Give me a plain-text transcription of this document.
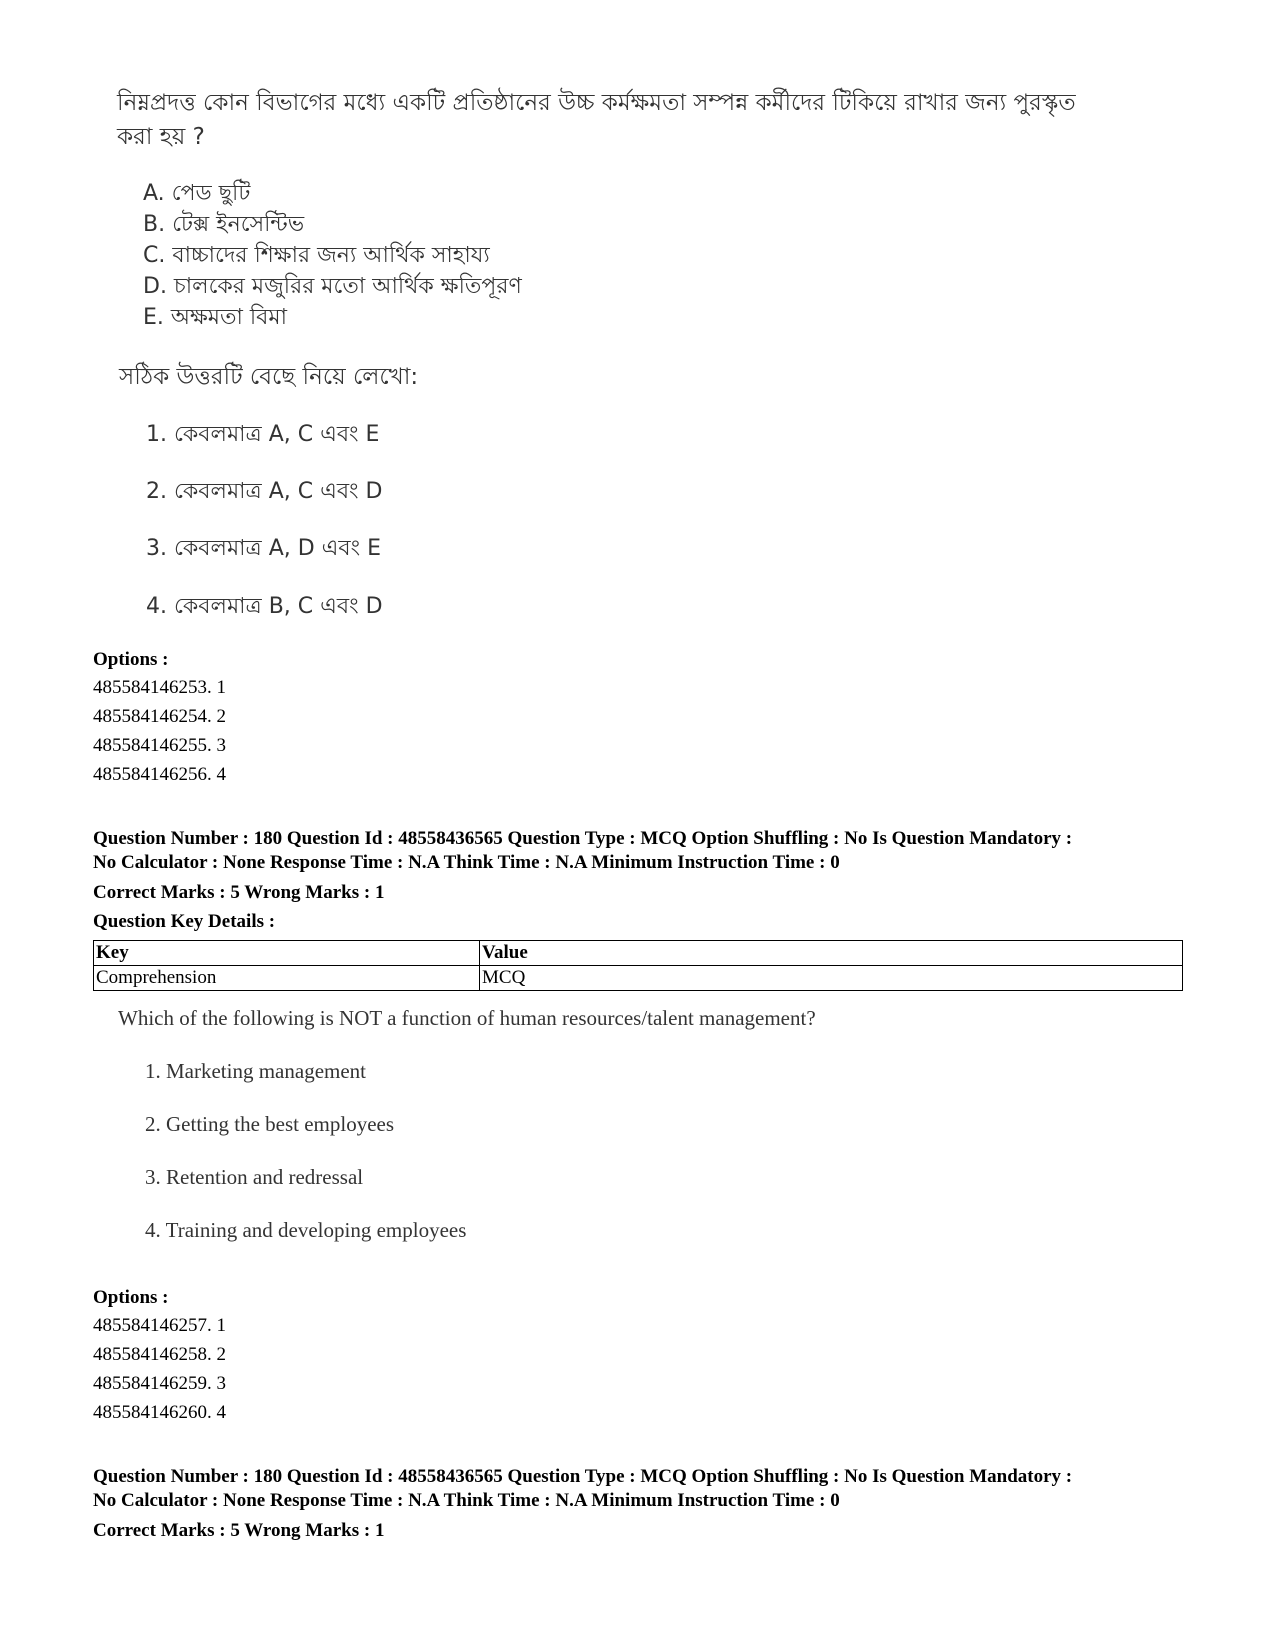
নিম্নপ্রদত্ত কোন বিভাগের মধ্যে একটি প্রতিষ্ঠানের উচ্চ কর্মক্ষমতা সম্পন্ন কর্মীদের টিকিয়ে রাখার জন্য পুরস্কৃত করা হয় ?
A. পেড ছুটি
B. টেক্স ইনসেন্টিভ
C. বাচ্চাদের শিক্ষার জন্য আর্থিক সাহায্য
D. চালকের মজুরির মতো আর্থিক ক্ষতিপূরণ
E. অক্ষমতা বিমা
সঠিক উত্তরটি বেছে নিয়ে লেখো:
1. কেবলমাত্র A, C এবং E
2. কেবলমাত্র A, C এবং D
3. কেবলমাত্র A, D এবং E
4. কেবলমাত্র B, C এবং D
Options :
485584146253. 1
485584146254. 2
485584146255. 3
485584146256. 4
Question Number : 180 Question Id : 48558436565 Question Type : MCQ Option Shuffling : No Is Question Mandatory :
No Calculator : None Response Time : N.A Think Time : N.A Minimum Instruction Time : 0
Correct Marks : 5 Wrong Marks : 1
Question Key Details :
Key	Value
Comprehension	MCQ
Which of the following is NOT a function of human resources/talent management?
1. Marketing management
2. Getting the best employees
3. Retention and redressal
4. Training and developing employees
Options :
485584146257. 1
485584146258. 2
485584146259. 3
485584146260. 4
Question Number : 180 Question Id : 48558436565 Question Type : MCQ Option Shuffling : No Is Question Mandatory :
No Calculator : None Response Time : N.A Think Time : N.A Minimum Instruction Time : 0
Correct Marks : 5 Wrong Marks : 1
